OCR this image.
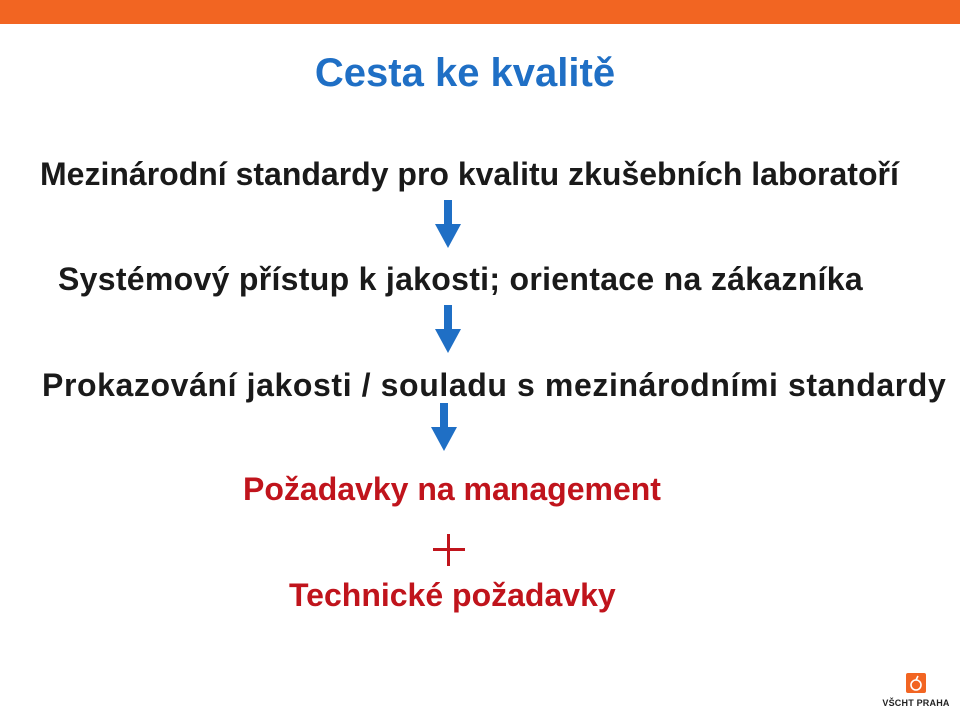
Cesta ke kvalitě

Mezinárodní standardy pro kvalitu zkušebních laboratoří

Systémový přístup k jakosti; orientace na zákazníka

Prokazování jakosti / souladu s mezinárodními standardy

Požadavky na management

Technické požadavky

VŠCHT PRAHA
